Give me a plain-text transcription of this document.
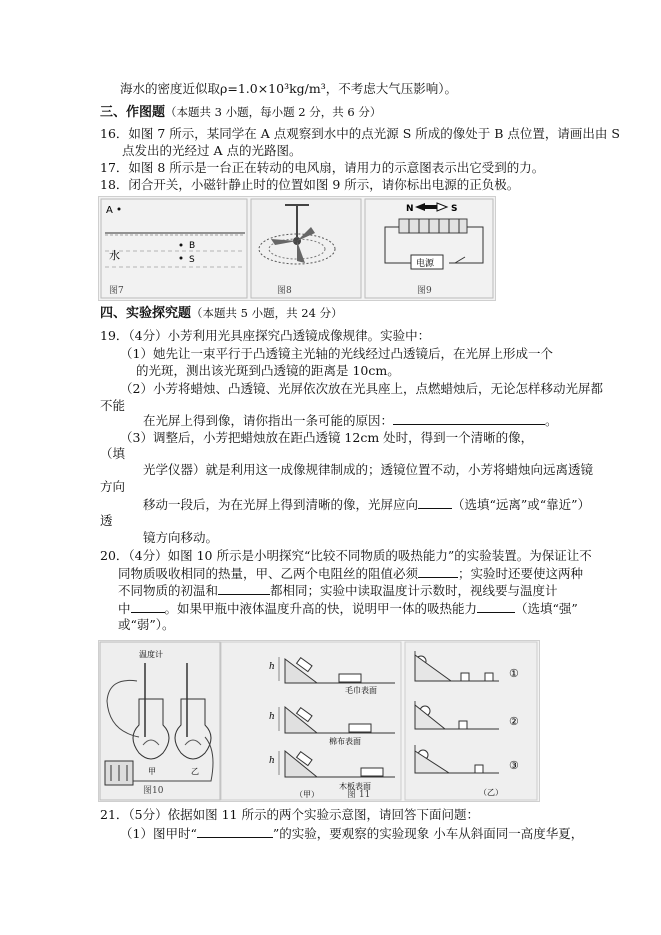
海水的密度近似取ρ=1.0×10³kg/m³，不考虑大气压影响）。
三、作图题（本题共 3 小题，每小题 2 分，共 6 分）
16．如图 7 所示，某同学在 A 点观察到水中的点光源 S 所成的像处于 B 点位置，请画出由 S
点发出的光经过 A 点的光路图。
17．如图 8 所示是一台正在转动的电风扇，请用力的示意图表示出它受到的力。
18．闭合开关，小磁针静止时的位置如图 9 所示，请你标出电源的正负极。
A
水
B
S
图7	图8
N	S
电源
图9
四、实验探究题（本题共 5 小题，共 24 分）
19．（4分）小芳利用光具座探究凸透镜成像规律。实验中：
（1）她先让一束平行于凸透镜主光轴的光线经过凸透镜后，在光屏上形成一个
的光斑，测出该光斑到凸透镜的距离是 10cm。
（2）小芳将蜡烛、凸透镜、光屏依次放在光具座上，点燃蜡烛后，无论怎样移动光屏都
不能
在光屏上得到像，请你指出一条可能的原因：	。
（3）调整后，小芳把蜡烛放在距凸透镜 12cm 处时，得到一个清晰的像，
（填
光学仪器）就是利用这一成像规律制成的；透镜位置不动，小芳将蜡烛向远离透镜
方向
移动一段后，为在光屏上得到清晰的像，光屏应向	（选填“远离”或“靠近”）
透
镜方向移动。
20．（4分）如图 10 所示是小明探究“比较不同物质的吸热能力”的实验装置。为保证让不
同物质吸收相同的热量，甲、乙两个电阻丝的阻值必须	；实验时还要使这两种
不同物质的初温和	都相同；实验中读取温度计示数时，视线要与温度计
中	。如果甲瓶中液体温度升高的快，说明甲一体的吸热能力	（选填“强”
或“弱”）。
温度计
甲	乙
图10
h
毛巾表面
h
棉布表面
h
木板表面
（甲）	图 11
①
②
③
（乙）
21．（5分）依据如图 11 所示的两个实验示意图，请回答下面问题：
（1）图甲时“	”的实验，要观察的实验现象 小车从斜面同一高度华夏，
